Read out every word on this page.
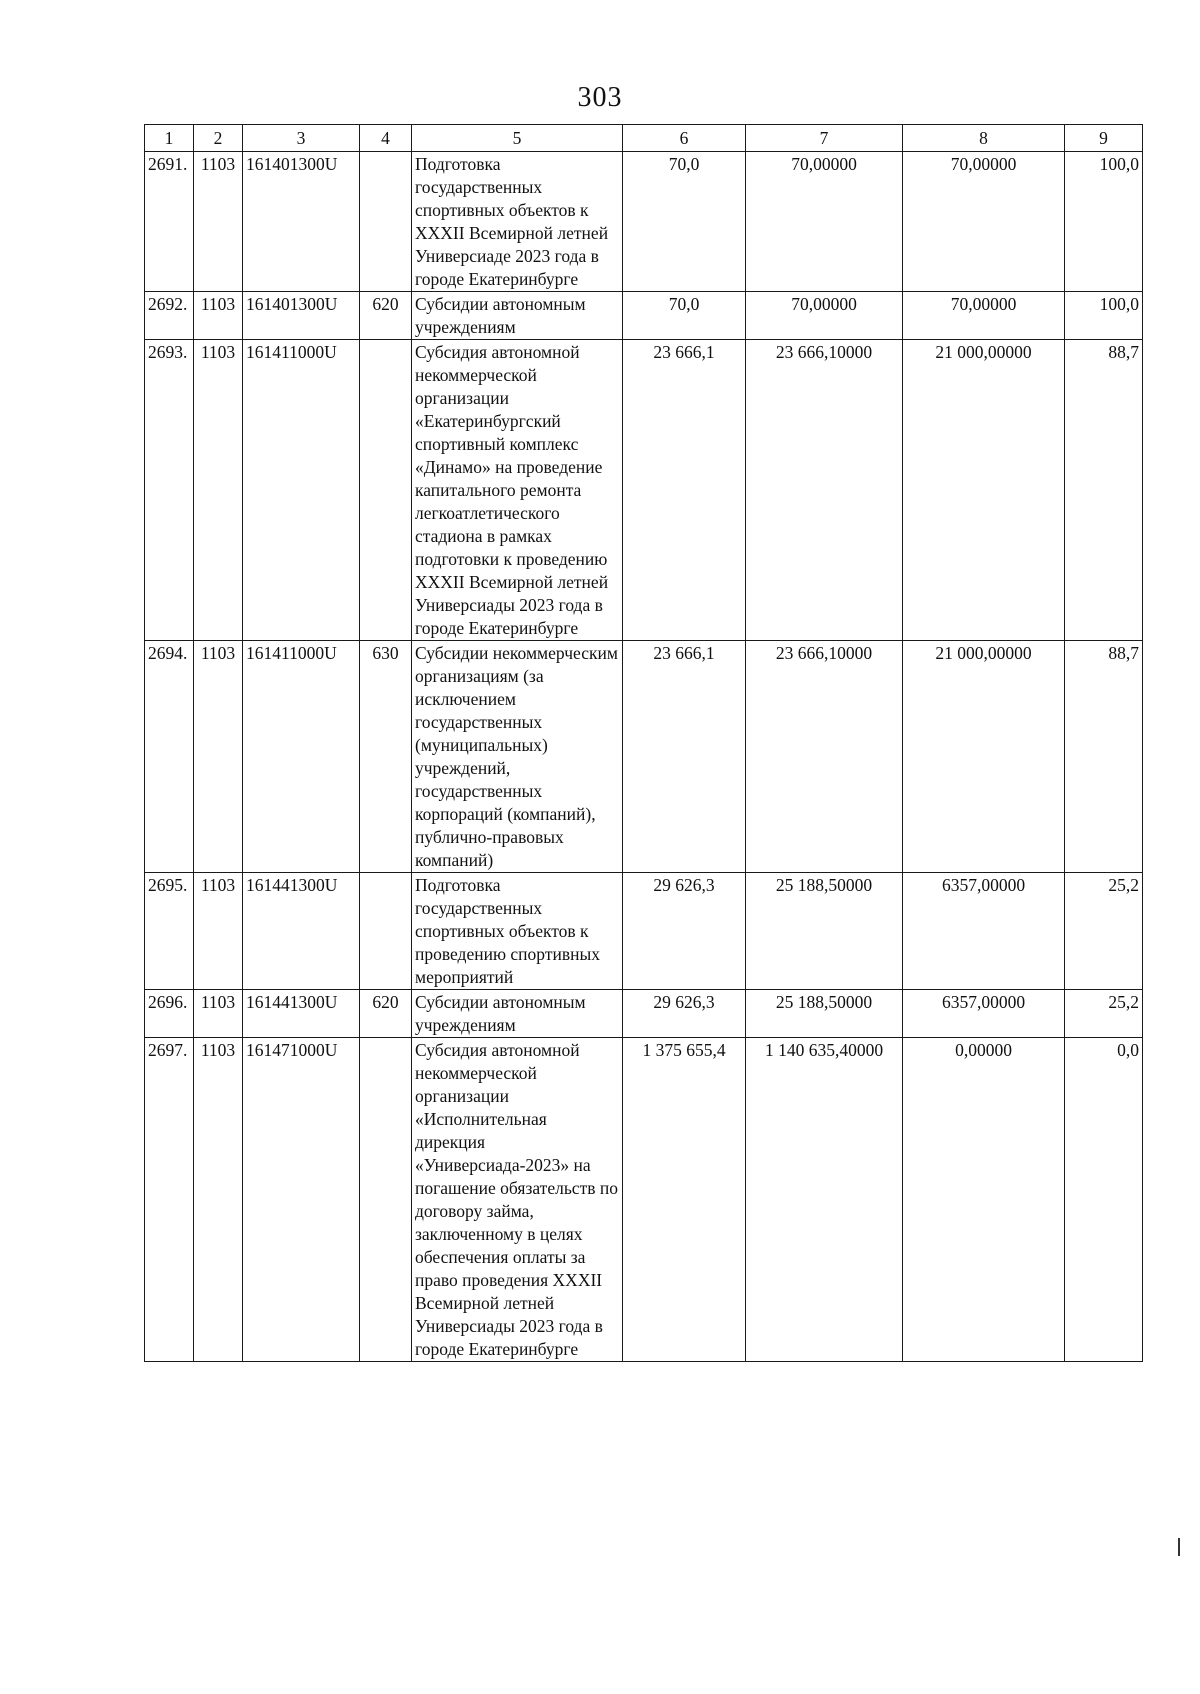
303
1	2	3	4	5	6	7	8	9
2691.	1103	161401300U		Подготовка государственных спортивных объектов к XXXII Всемирной летней Универсиаде 2023 года в городе Екатеринбурге	70,0	70,00000	70,00000	100,0
2692.	1103	161401300U	620	Субсидии автономным учреждениям	70,0	70,00000	70,00000	100,0
2693.	1103	161411000U		Субсидия автономной некоммерческой организации «Екатеринбургский спортивный комплекс «Динамо» на проведение капитального ремонта легкоатлетического стадиона в рамках подготовки к проведению XXXII Всемирной летней Универсиады 2023 года в городе Екатеринбурге	23 666,1	23 666,10000	21 000,00000	88,7
2694.	1103	161411000U	630	Субсидии некоммерческим организациям (за исключением государственных (муниципальных) учреждений, государственных корпораций (компаний), публично-правовых компаний)	23 666,1	23 666,10000	21 000,00000	88,7
2695.	1103	161441300U		Подготовка государственных спортивных объектов к проведению спортивных мероприятий	29 626,3	25 188,50000	6357,00000	25,2
2696.	1103	161441300U	620	Субсидии автономным учреждениям	29 626,3	25 188,50000	6357,00000	25,2
2697.	1103	161471000U		Субсидия автономной некоммерческой организации «Исполнительная дирекция «Универсиада-2023» на погашение обязательств по договору займа, заключенному в целях обеспечения оплаты за право проведения XXXII Всемирной летней Универсиады 2023 года в городе Екатеринбурге	1 375 655,4	1 140 635,40000	0,00000	0,0
